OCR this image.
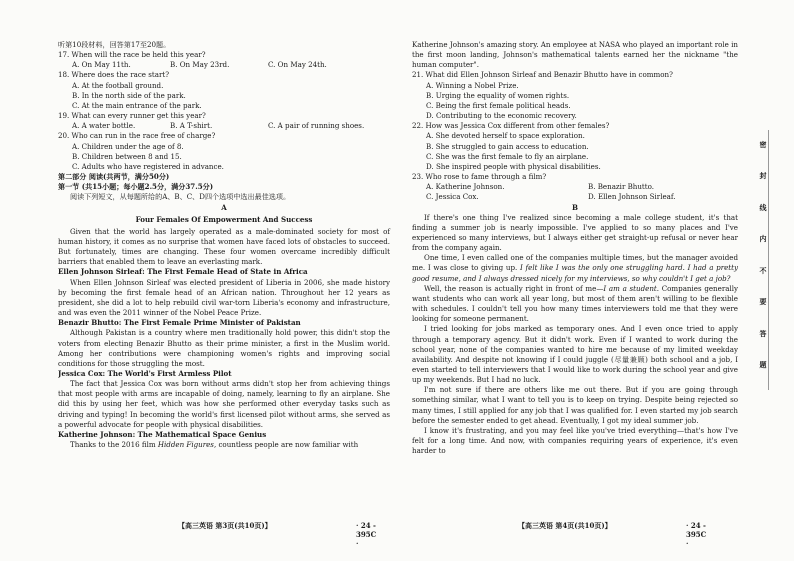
听第10段材料，回答第17至20题。
17. When will the race be held this year?
A. On May 11th.	B. On May 23rd.	C. On May 24th.
18. Where does the race start?
A. At the football ground.
B. In the north side of the park.
C. At the main entrance of the park.
19. What can every runner get this year?
A. A water bottle.	B. A T-shirt.	C. A pair of running shoes.
20. Who can run in the race free of charge?
A. Children under the age of 8.
B. Children between 8 and 15.
C. Adults who have registered in advance.
第二部分 阅读(共两节，满分50分)
第一节 (共15小题；每小题2.5分，满分37.5分)
阅读下列短文，从每题所给的A、B、C、D四个选项中选出最佳选项。
A
Four Females Of Empowerment And Success
Given that the world has largely operated as a male-dominated society for most of human history, it comes as no surprise that women have faced lots of obstacles to succeed. But fortunately, times are changing. These four women overcame incredibly difficult barriers that enabled them to leave an everlasting mark.
Ellen Johnson Sirleaf: The First Female Head of State in Africa
When Ellen Johnson Sirleaf was elected president of Liberia in 2006, she made history by becoming the first female head of an African nation. Throughout her 12 years as president, she did a lot to help rebuild civil war-torn Liberia's economy and infrastructure, and was even the 2011 winner of the Nobel Peace Prize.
Benazir Bhutto: The First Female Prime Minister of Pakistan
Although Pakistan is a country where men traditionally hold power, this didn't stop the voters from electing Benazir Bhutto as their prime minister, a first in the Muslim world. Among her contributions were championing women's rights and improving social conditions for those struggling the most.
Jessica Cox: The World's First Armless Pilot
The fact that Jessica Cox was born without arms didn't stop her from achieving things that most people with arms are incapable of doing, namely, learning to fly an airplane. She did this by using her feet, which was how she performed other everyday tasks such as driving and typing! In becoming the world's first licensed pilot without arms, she served as a powerful advocate for people with physical disabilities.
Katherine Johnson: The Mathematical Space Genius
Thanks to the 2016 film Hidden Figures, countless people are now familiar with
【高三英语 第3页(共10页)】	· 24 - 395C ·
Katherine Johnson's amazing story. An employee at NASA who played an important role in the first moon landing, Johnson's mathematical talents earned her the nickname "the human computer".
21. What did Ellen Johnson Sirleaf and Benazir Bhutto have in common?
A. Winning a Nobel Prize.
B. Urging the equality of women rights.
C. Being the first female political heads.
D. Contributing to the economic recovery.
22. How was Jessica Cox different from other females?
A. She devoted herself to space exploration.
B. She struggled to gain access to education.
C. She was the first female to fly an airplane.
D. She inspired people with physical disabilities.
23. Who rose to fame through a film?
A. Katherine Johnson.	B. Benazir Bhutto.
C. Jessica Cox.	D. Ellen Johnson Sirleaf.
B
If there's one thing I've realized since becoming a male college student, it's that finding a summer job is nearly impossible. I've applied to so many places and I've experienced so many interviews, but I always either get straight-up refusal or never hear from the company again.
One time, I even called one of the companies multiple times, but the manager avoided me. I was close to giving up. I felt like I was the only one struggling hard. I had a pretty good resume, and I always dressed nicely for my interviews, so why couldn't I get a job?
Well, the reason is actually right in front of me—I am a student. Companies generally want students who can work all year long, but most of them aren't willing to be flexible with schedules. I couldn't tell you how many times interviewers told me that they were looking for someone permanent.
I tried looking for jobs marked as temporary ones. And I even once tried to apply through a temporary agency. But it didn't work. Even if I wanted to work during the school year, none of the companies wanted to hire me because of my limited weekday availability. And despite not knowing if I could juggle (尽量兼顾) both school and a job, I even started to tell interviewers that I would like to work during the school year and give up my weekends. But I had no luck.
I'm not sure if there are others like me out there. But if you are going through something similar, what I want to tell you is to keep on trying. Despite being rejected so many times, I still applied for any job that I was qualified for. I even started my job search before the semester ended to get ahead. Eventually, I got my ideal summer job.
I know it's frustrating, and you may feel like you've tried everything—that's how I've felt for a long time. And now, with companies requiring years of experience, it's even harder to
【高三英语 第4页(共10页)】	· 24 - 395C ·
密
封
线
内
不
要
答
题
